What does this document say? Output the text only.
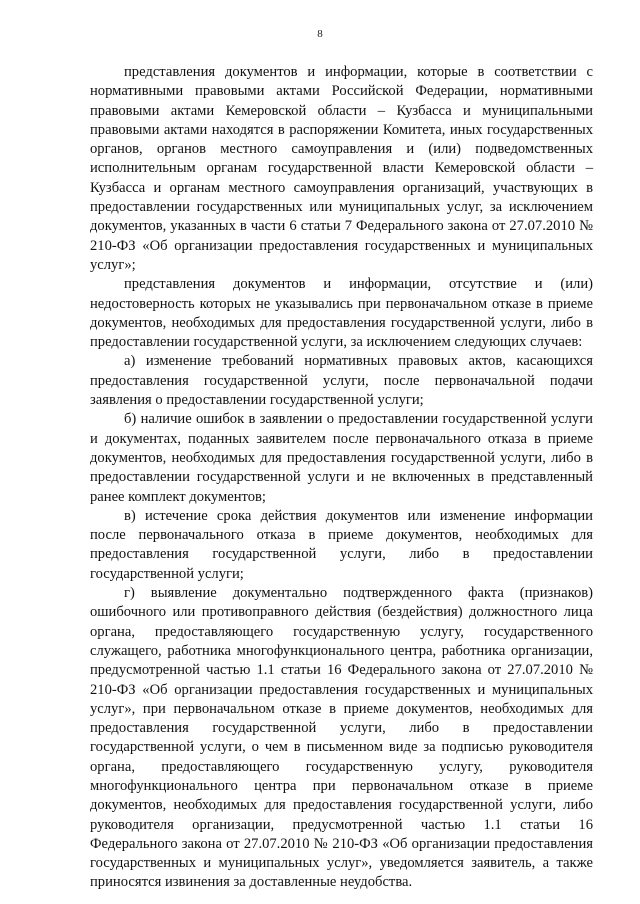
8

представления документов и информации, которые в соответствии с нормативными правовыми актами Российской Федерации, нормативными правовыми актами Кемеровской области – Кузбасса и муниципальными правовыми актами находятся в распоряжении Комитета, иных государственных органов, органов местного самоуправления и (или) подведомственных исполнительным органам государственной власти Кемеровской области – Кузбасса и органам местного самоуправления организаций, участвующих в предоставлении государственных или муниципальных услуг, за исключением документов, указанных в части 6 статьи 7 Федерального закона от 27.07.2010 № 210-ФЗ «Об организации предоставления государственных и муниципальных услуг»;

представления документов и информации, отсутствие и (или) недостоверность которых не указывались при первоначальном отказе в приеме документов, необходимых для предоставления государственной услуги, либо в предоставлении государственной услуги, за исключением следующих случаев:

а) изменение требований нормативных правовых актов, касающихся предоставления государственной услуги, после первоначальной подачи заявления о предоставлении государственной услуги;

б) наличие ошибок в заявлении о предоставлении государственной услуги и документах, поданных заявителем после первоначального отказа в приеме документов, необходимых для предоставления государственной услуги, либо в предоставлении государственной услуги и не включенных в представленный ранее комплект документов;

в) истечение срока действия документов или изменение информации после первоначального отказа в приеме документов, необходимых для предоставления государственной услуги, либо в предоставлении государственной услуги;

г) выявление документально подтвержденного факта (признаков) ошибочного или противоправного действия (бездействия) должностного лица органа, предоставляющего государственную услугу, государственного служащего, работника многофункционального центра, работника организации, предусмотренной частью 1.1 статьи 16 Федерального закона от 27.07.2010 № 210-ФЗ «Об организации предоставления государственных и муниципальных услуг», при первоначальном отказе в приеме документов, необходимых для предоставления государственной услуги, либо в предоставлении государственной услуги, о чем в письменном виде за подписью руководителя органа, предоставляющего государственную услугу, руководителя многофункционального центра при первоначальном отказе в приеме документов, необходимых для предоставления государственной услуги, либо руководителя организации, предусмотренной частью 1.1 статьи 16 Федерального закона от 27.07.2010 № 210-ФЗ «Об организации предоставления государственных и муниципальных услуг», уведомляется заявитель, а также приносятся извинения за доставленные неудобства.
